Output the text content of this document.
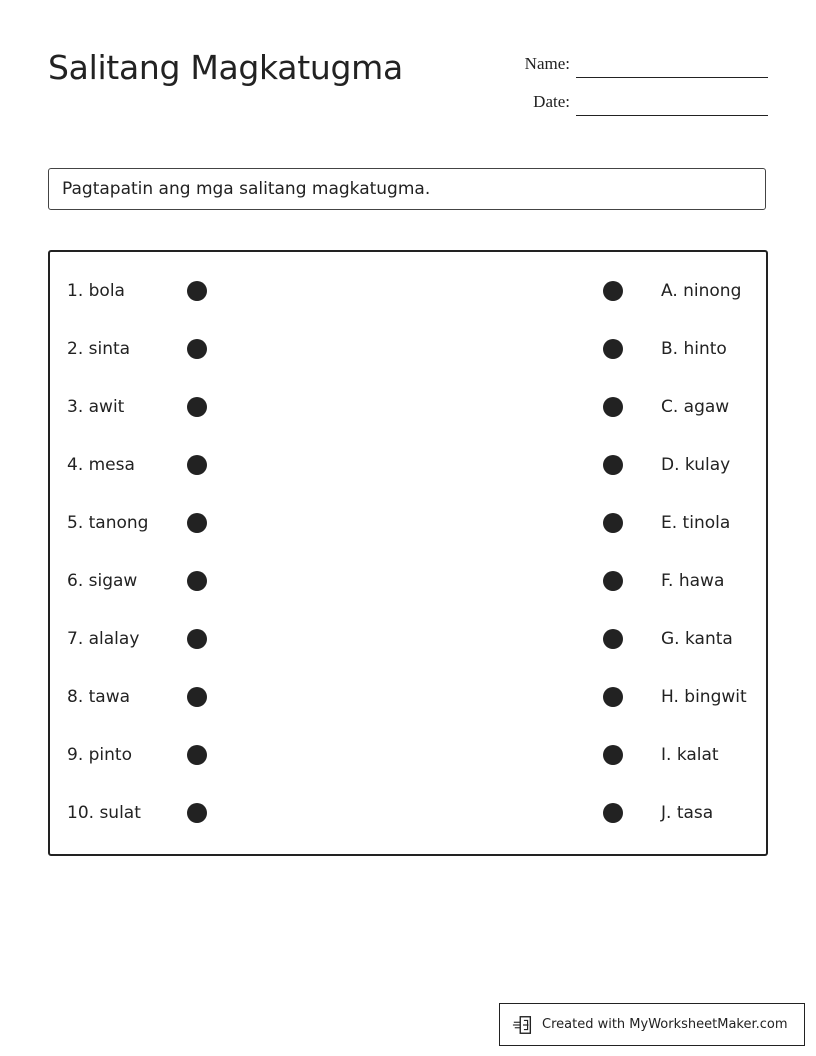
Salitang Magkatugma	Name:
Date:
Pagtapatin ang mga salitang magkatugma.
1. bola	A. ninong
2. sinta	B. hinto
3. awit	C. agaw
4. mesa	D. kulay
5. tanong	E. tinola
6. sigaw	F. hawa
7. alalay	G. kanta
8. tawa	H. bingwit
9. pinto	I. kalat
10. sulat	J. tasa
Created with MyWorksheetMaker.com
